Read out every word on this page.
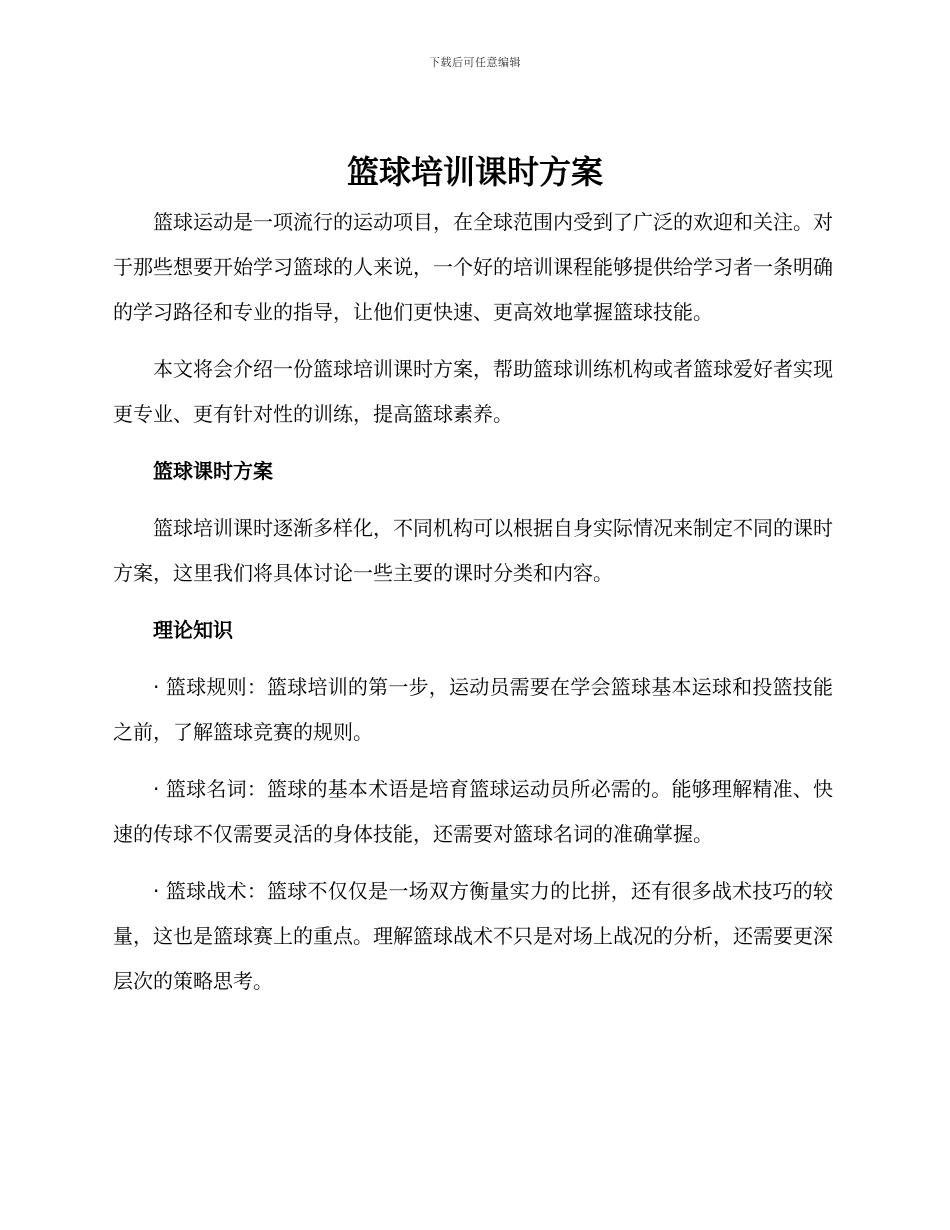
下载后可任意编辑
篮球培训课时方案

篮球运动是一项流行的运动项目，在全球范围内受到了广泛的欢迎和关注。对于那些想要开始学习篮球的人来说，一个好的培训课程能够提供给学习者一条明确的学习路径和专业的指导，让他们更快速、更高效地掌握篮球技能。

本文将会介绍一份篮球培训课时方案，帮助篮球训练机构或者篮球爱好者实现更专业、更有针对性的训练，提高篮球素养。

篮球课时方案

篮球培训课时逐渐多样化，不同机构可以根据自身实际情况来制定不同的课时方案，这里我们将具体讨论一些主要的课时分类和内容。

理论知识

· 篮球规则：篮球培训的第一步，运动员需要在学会篮球基本运球和投篮技能之前，了解篮球竞赛的规则。

· 篮球名词：篮球的基本术语是培育篮球运动员所必需的。能够理解精准、快速的传球不仅需要灵活的身体技能，还需要对篮球名词的准确掌握。

· 篮球战术：篮球不仅仅是一场双方衡量实力的比拼，还有很多战术技巧的较量，这也是篮球赛上的重点。理解篮球战术不只是对场上战况的分析，还需要更深层次的策略思考。
